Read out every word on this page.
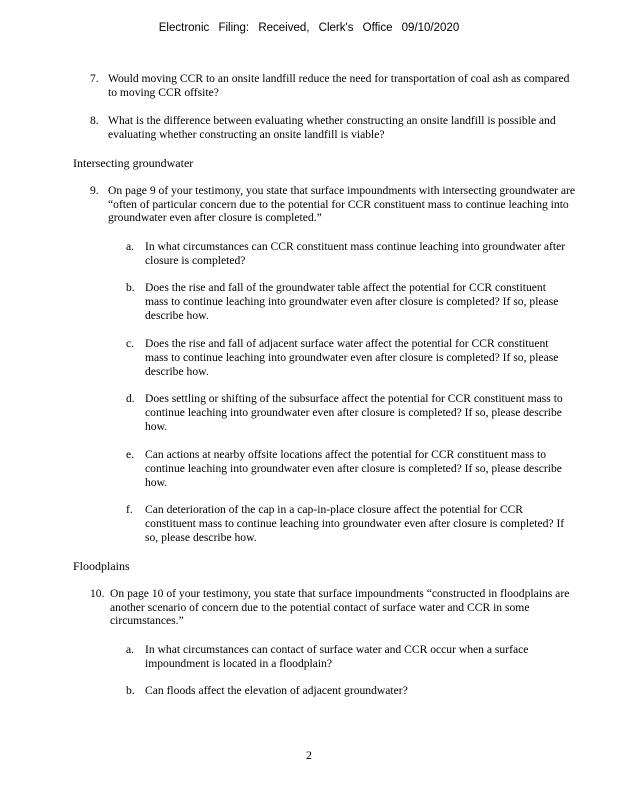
Electronic Filing: Received, Clerk's Office 09/10/2020
7. Would moving CCR to an onsite landfill reduce the need for transportation of coal ash as compared to moving CCR offsite?
8. What is the difference between evaluating whether constructing an onsite landfill is possible and evaluating whether constructing an onsite landfill is viable?
Intersecting groundwater
9. On page 9 of your testimony, you state that surface impoundments with intersecting groundwater are “often of particular concern due to the potential for CCR constituent mass to continue leaching into groundwater even after closure is completed.”
a. In what circumstances can CCR constituent mass continue leaching into groundwater after closure is completed?
b. Does the rise and fall of the groundwater table affect the potential for CCR constituent mass to continue leaching into groundwater even after closure is completed? If so, please describe how.
c. Does the rise and fall of adjacent surface water affect the potential for CCR constituent mass to continue leaching into groundwater even after closure is completed? If so, please describe how.
d. Does settling or shifting of the subsurface affect the potential for CCR constituent mass to continue leaching into groundwater even after closure is completed? If so, please describe how.
e. Can actions at nearby offsite locations affect the potential for CCR constituent mass to continue leaching into groundwater even after closure is completed? If so, please describe how.
f.	Can deterioration of the cap in a cap-in-place closure affect the potential for CCR constituent mass to continue leaching into groundwater even after closure is completed? If so, please describe how.
Floodplains
10. On page 10 of your testimony, you state that surface impoundments “constructed in floodplains are another scenario of concern due to the potential contact of surface water and CCR in some circumstances.”
a. In what circumstances can contact of surface water and CCR occur when a surface impoundment is located in a floodplain?
b. Can floods affect the elevation of adjacent groundwater?
2
